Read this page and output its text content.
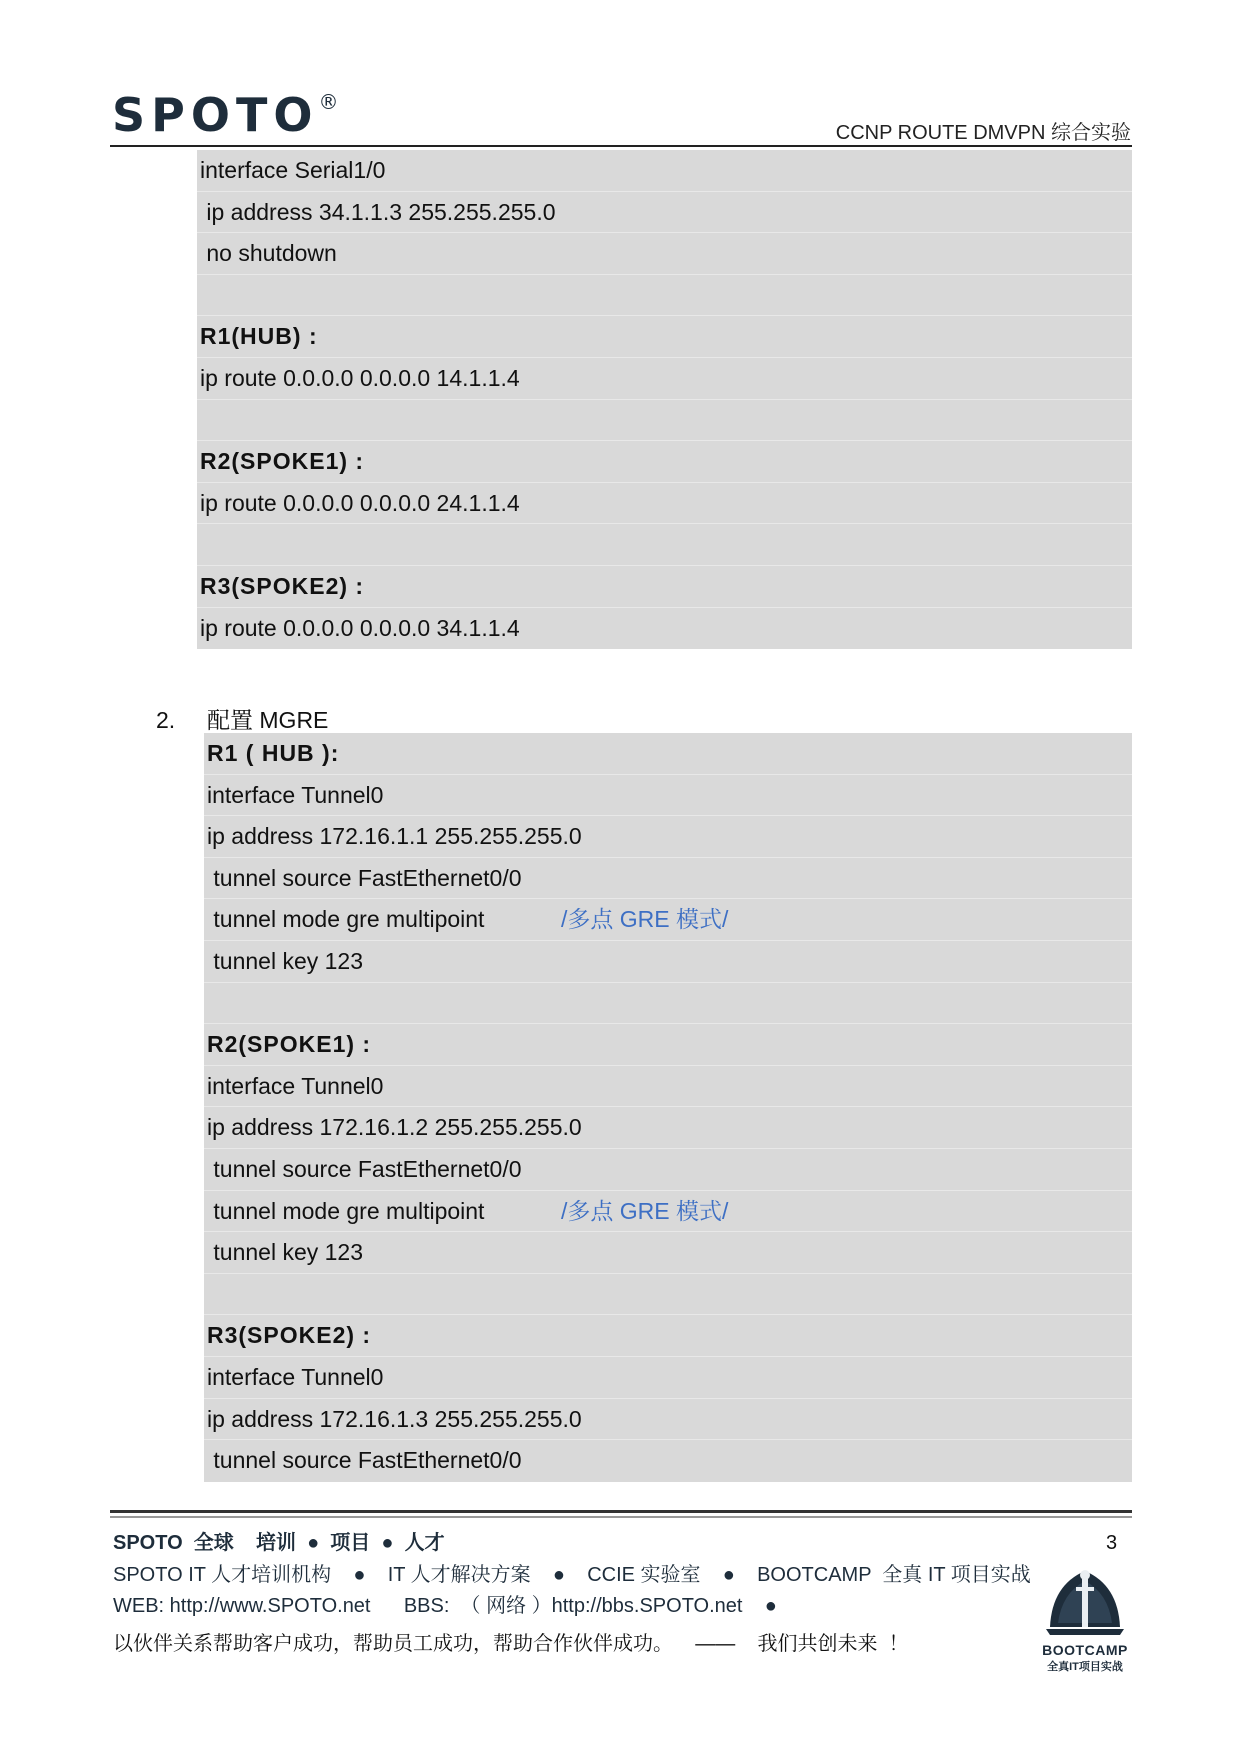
SPOTO®
CCNP ROUTE DMVPN 综合实验
interface Serial1/0
ip address 34.1.1.3 255.255.255.0
no shutdown
R1(HUB) :
ip route 0.0.0.0 0.0.0.0 14.1.1.4
R2(SPOKE1) :
ip route 0.0.0.0 0.0.0.0 24.1.1.4
R3(SPOKE2) :
ip route 0.0.0.0 0.0.0.0 34.1.1.4
2. 配置 MGRE
R1 ( HUB ):
interface Tunnel0
ip address 172.16.1.1 255.255.255.0
tunnel source FastEthernet0/0
tunnel mode gre multipoint	/多点 GRE 模式/
tunnel key 123
R2(SPOKE1) :
interface Tunnel0
ip address 172.16.1.2 255.255.255.0
tunnel source FastEthernet0/0
tunnel mode gre multipoint	/多点 GRE 模式/
tunnel key 123
R3(SPOKE2) :
interface Tunnel0
ip address 172.16.1.3 255.255.255.0
tunnel source FastEthernet0/0
SPOTO  全球    培训  ●  项目  ●  人才
SPOTO IT 人才培训机构    ●    IT 人才解决方案    ●    CCIE 实验室    ●    BOOTCAMP  全真 IT 项目实战
WEB: http://www.SPOTO.net      BBS:  （ 网络 ）http://bbs.SPOTO.net    ●
以伙伴关系帮助客户成功，帮助员工成功，帮助合作伙伴成功。    ——    我们共创未来  ！
3
BOOTCAMP
全真IT项目实战
